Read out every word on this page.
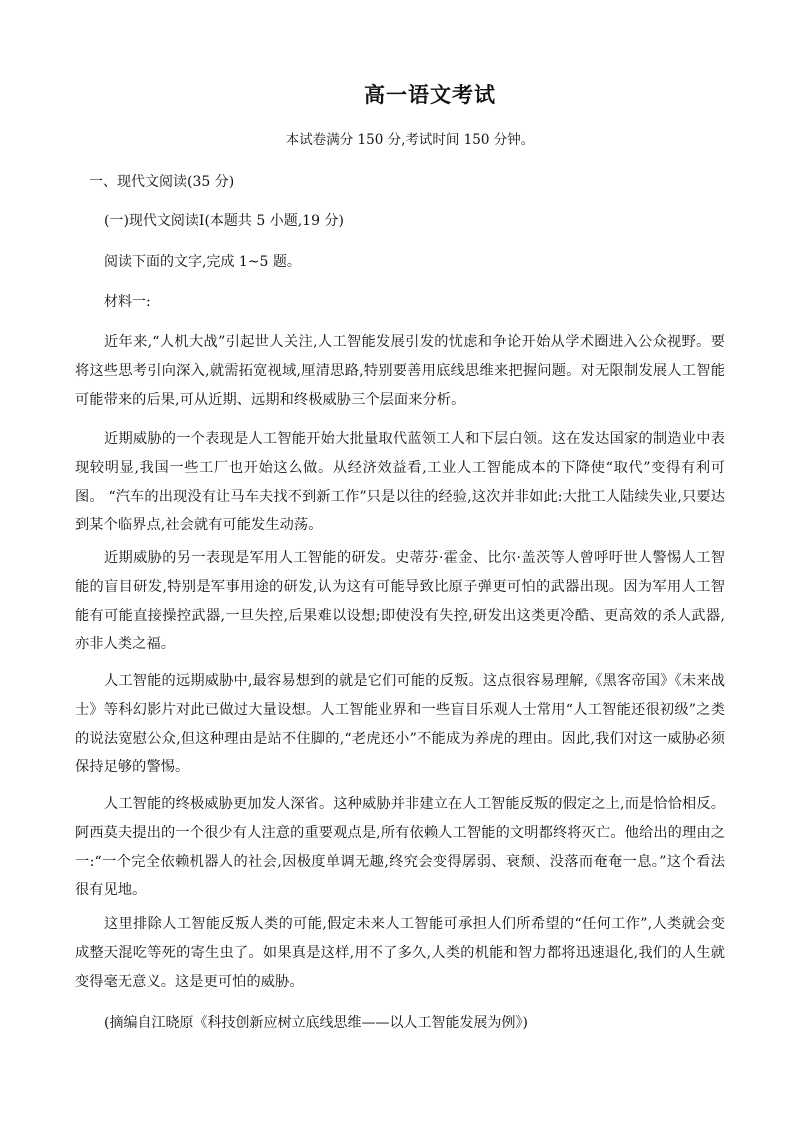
高一语文考试
本试卷满分 150 分,考试时间 150 分钟。
一、现代文阅读(35 分)
(一)现代文阅读Ⅰ(本题共 5 小题,19 分)
阅读下面的文字,完成 1~5 题。
材料一:
近年来,“人机大战”引起世人关注,人工智能发展引发的忧虑和争论开始从学术圈进入公众视野。要将这些思考引向深入,就需拓宽视域,厘清思路,特别要善用底线思维来把握问题。对无限制发展人工智能可能带来的后果,可从近期、远期和终极威胁三个层面来分析。
近期威胁的一个表现是人工智能开始大批量取代蓝领工人和下层白领。这在发达国家的制造业中表现较明显,我国一些工厂也开始这么做。从经济效益看,工业人工智能成本的下降使“取代”变得有利可图。 “汽车的出现没有让马车夫找不到新工作”只是以往的经验,这次并非如此:大批工人陆续失业,只要达到某个临界点,社会就有可能发生动荡。
近期威胁的另一表现是军用人工智能的研发。史蒂芬·霍金、比尔·盖茨等人曾呼吁世人警惕人工智能的盲目研发,特别是军事用途的研发,认为这有可能导致比原子弹更可怕的武器出现。因为军用人工智能有可能直接操控武器,一旦失控,后果难以设想;即使没有失控,研发出这类更冷酷、更高效的杀人武器,亦非人类之福。
人工智能的远期威胁中,最容易想到的就是它们可能的反叛。这点很容易理解,《黑客帝国》《未来战士》等科幻影片对此已做过大量设想。人工智能业界和一些盲目乐观人士常用“人工智能还很初级”之类的说法宽慰公众,但这种理由是站不住脚的,“老虎还小”不能成为养虎的理由。因此,我们对这一威胁必须保持足够的警惕。
人工智能的终极威胁更加发人深省。这种威胁并非建立在人工智能反叛的假定之上,而是恰恰相反。阿西莫夫提出的一个很少有人注意的重要观点是,所有依赖人工智能的文明都终将灭亡。他给出的理由之一:“一个完全依赖机器人的社会,因极度单调无趣,终究会变得孱弱、衰颓、没落而奄奄一息。”这个看法很有见地。
这里排除人工智能反叛人类的可能,假定未来人工智能可承担人们所希望的“任何工作”,人类就会变成整天混吃等死的寄生虫了。如果真是这样,用不了多久,人类的机能和智力都将迅速退化,我们的人生就变得毫无意义。这是更可怕的威胁。
(摘编自江晓原《科技创新应树立底线思维——以人工智能发展为例》)
